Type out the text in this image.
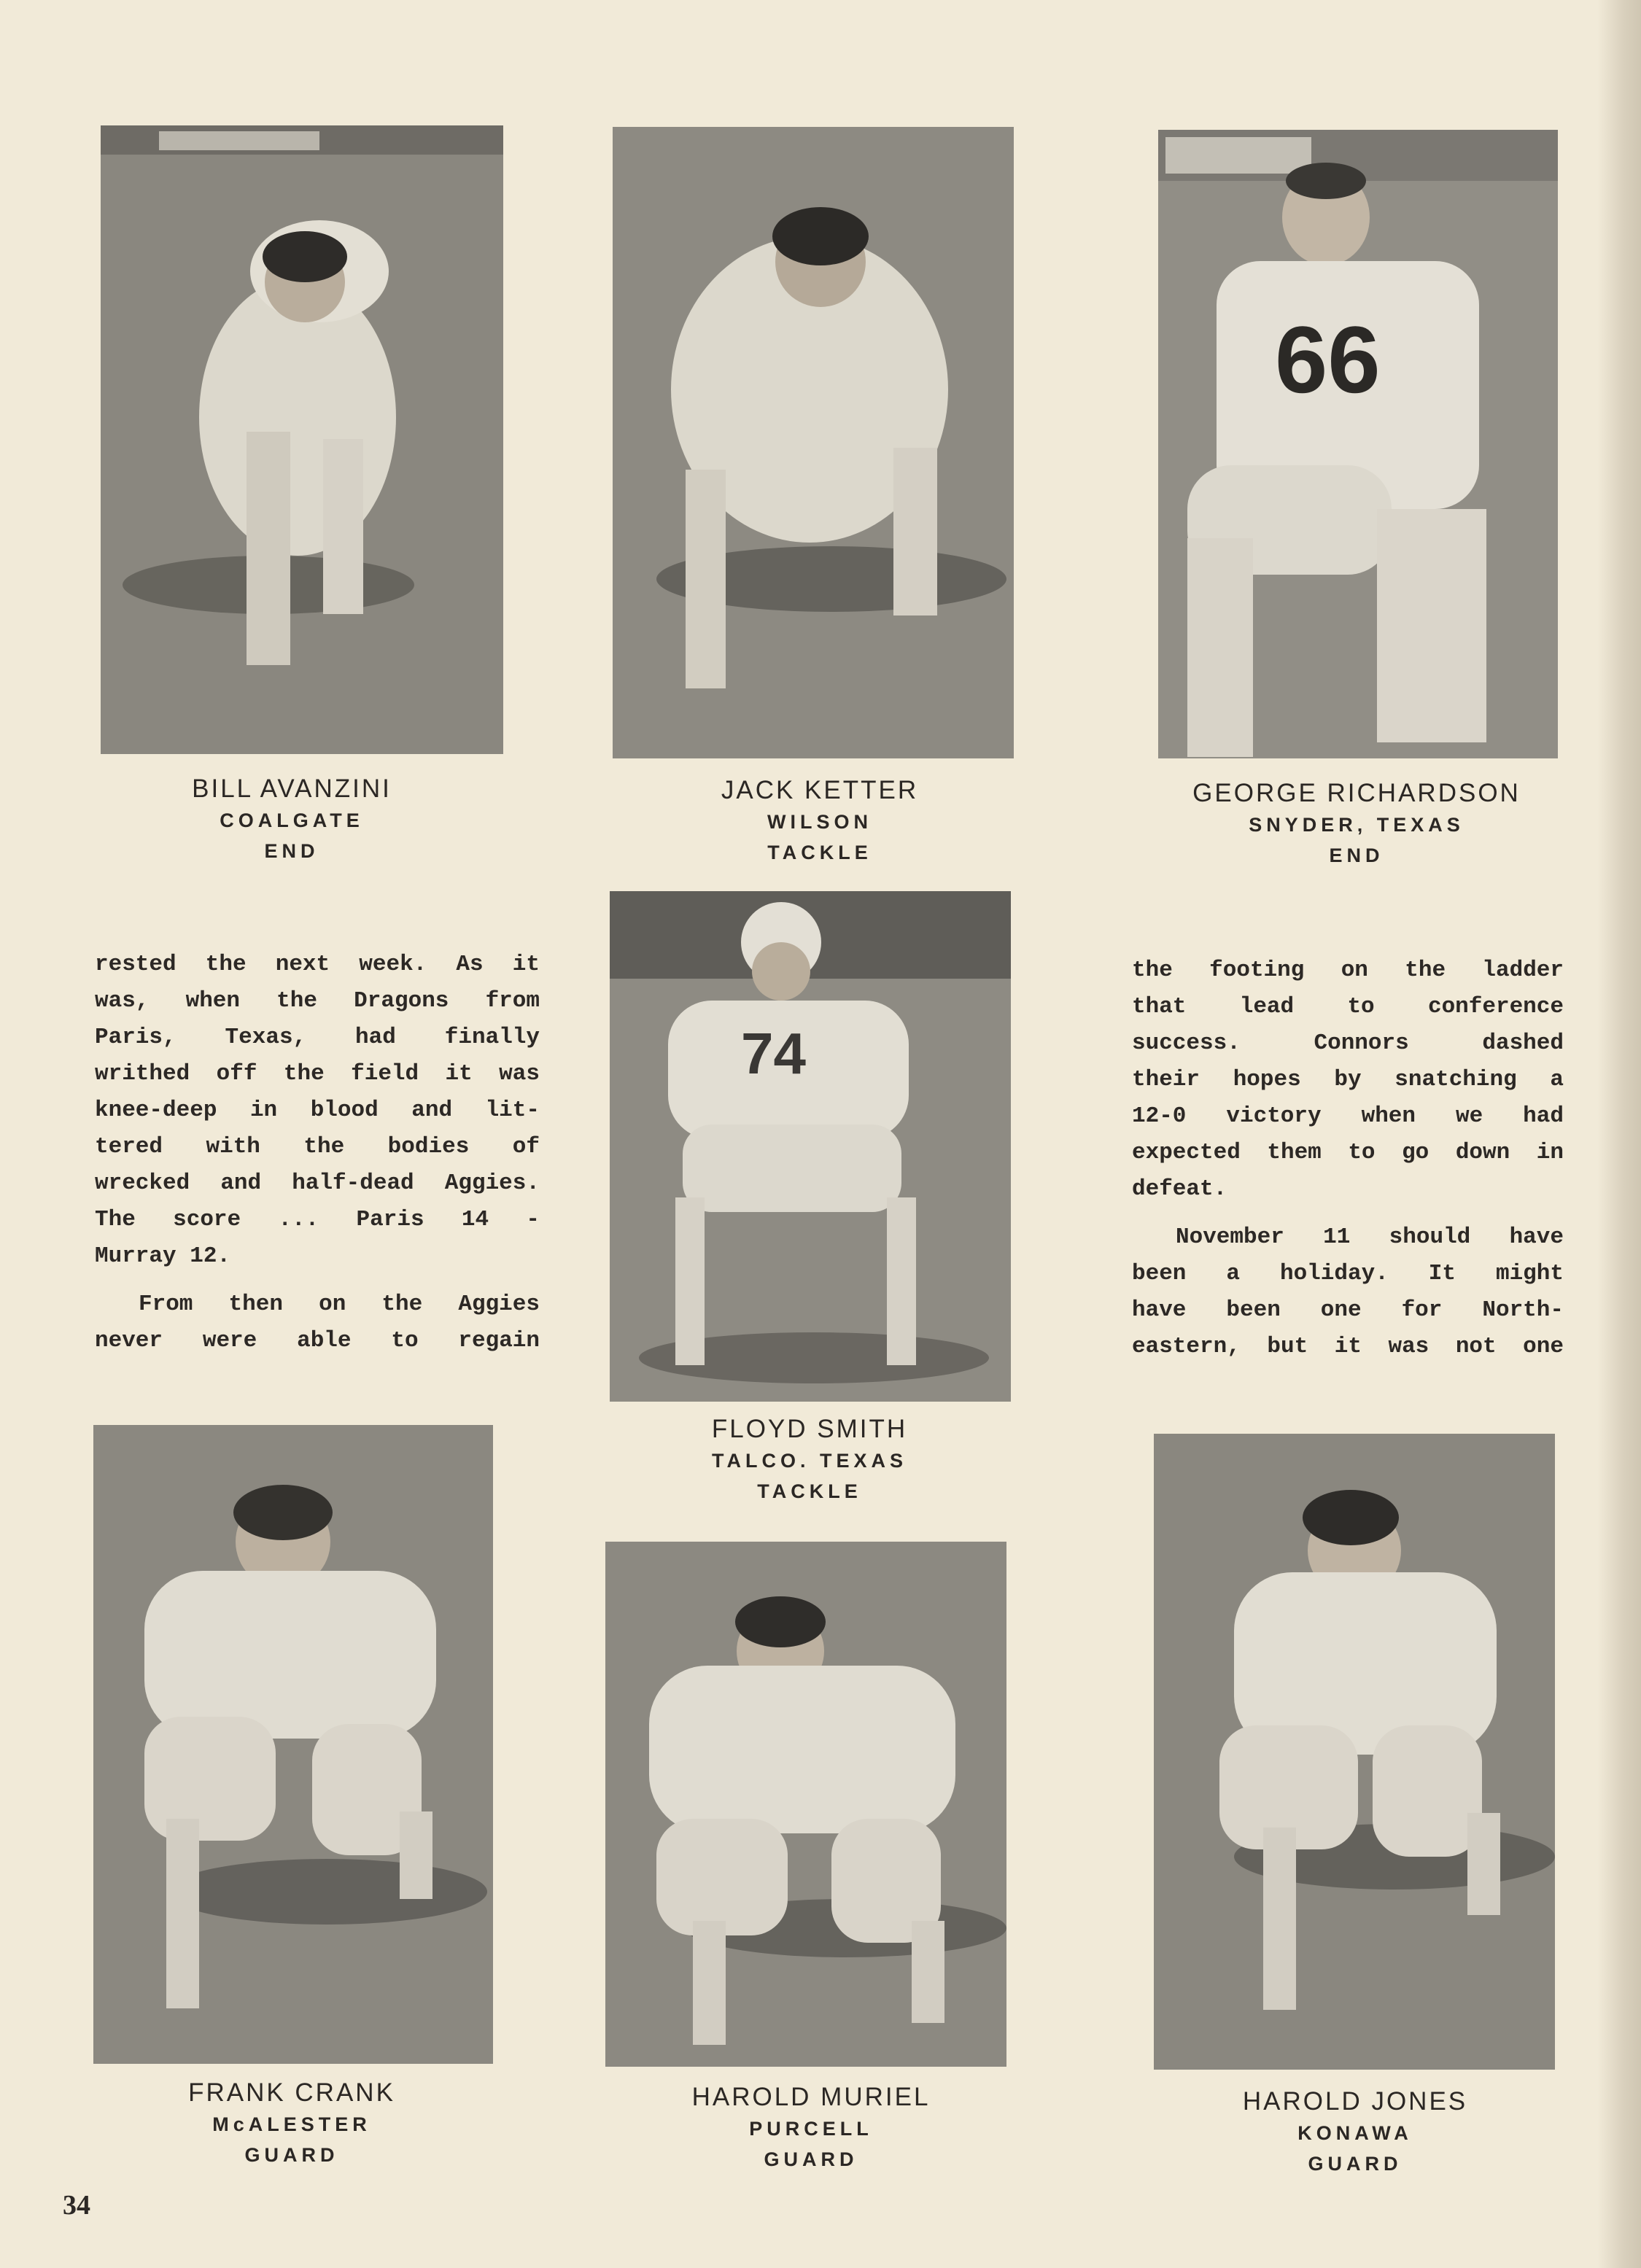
66
BILL AVANZINI
COALGATE
END
JACK KETTER
WILSON
TACKLE
GEORGE RICHARDSON
SNYDER, TEXAS
END

rested the next week. As it

was, when the Dragons from

Paris, Texas, had finally

writhed off the field it was

knee-deep in blood and lit-

tered with the bodies of

wrecked and half-dead Aggies.

The score ... Paris 14 -

Murray 12.

From then on the Aggies

never were able to regain

74
FLOYD SMITH
TALCO. TEXAS
TACKLE

the footing on the ladder

that lead to conference

success. Connors dashed

their hopes by snatching a

12-0 victory when we had

expected them to go down in

defeat.

November 11 should have

been a holiday. It might

have been one for North-

eastern, but it was not one

FRANK CRANK
McALESTER
GUARD
HAROLD MURIEL
PURCELL
GUARD
HAROLD JONES
KONAWA
GUARD
34
